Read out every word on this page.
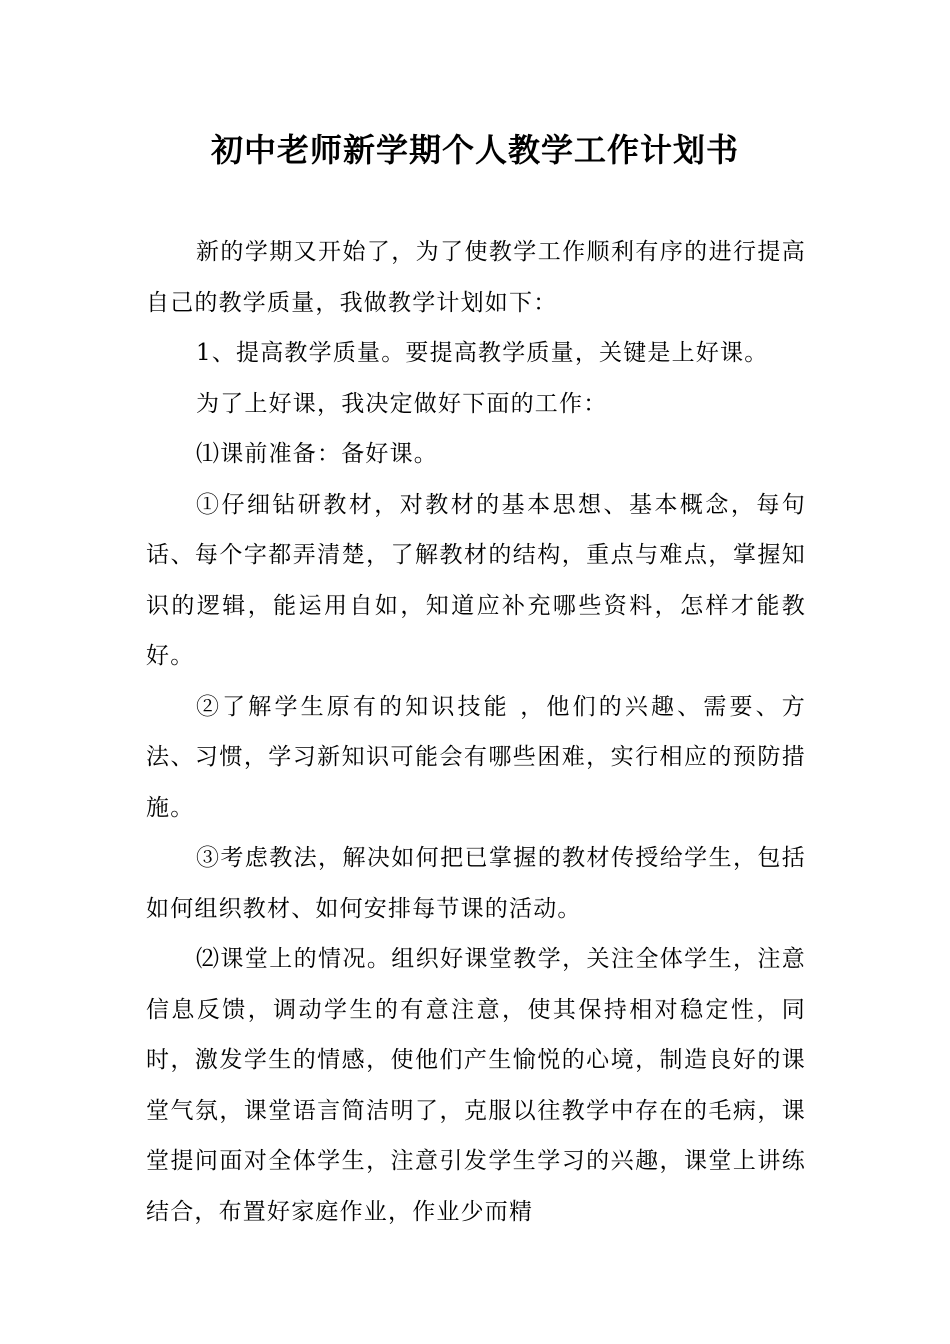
初中老师新学期个人教学工作计划书

新的学期又开始了，为了使教学工作顺利有序的进行提高自己的教学质量，我做教学计划如下：

1、提高教学质量。要提高教学质量，关键是上好课。

为了上好课，我决定做好下面的工作：

⑴课前准备：备好课。

①仔细钻研教材，对教材的基本思想、基本概念，每句话、每个字都弄清楚，了解教材的结构，重点与难点，掌握知识的逻辑，能运用自如，知道应补充哪些资料，怎样才能教好。

②了解学生原有的知识技能 ，他们的兴趣、需要、方法、习惯，学习新知识可能会有哪些困难，实行相应的预防措施。

③考虑教法，解决如何把已掌握的教材传授给学生，包括如何组织教材、如何安排每节课的活动。

⑵课堂上的情况。组织好课堂教学，关注全体学生，注意信息反馈，调动学生的有意注意，使其保持相对稳定性，同时，激发学生的情感，使他们产生愉悦的心境，制造良好的课堂气氛，课堂语言简洁明了，克服以往教学中存在的毛病，课堂提问面对全体学生，注意引发学生学习的兴趣，课堂上讲练结合，布置好家庭作业，作业少而精
